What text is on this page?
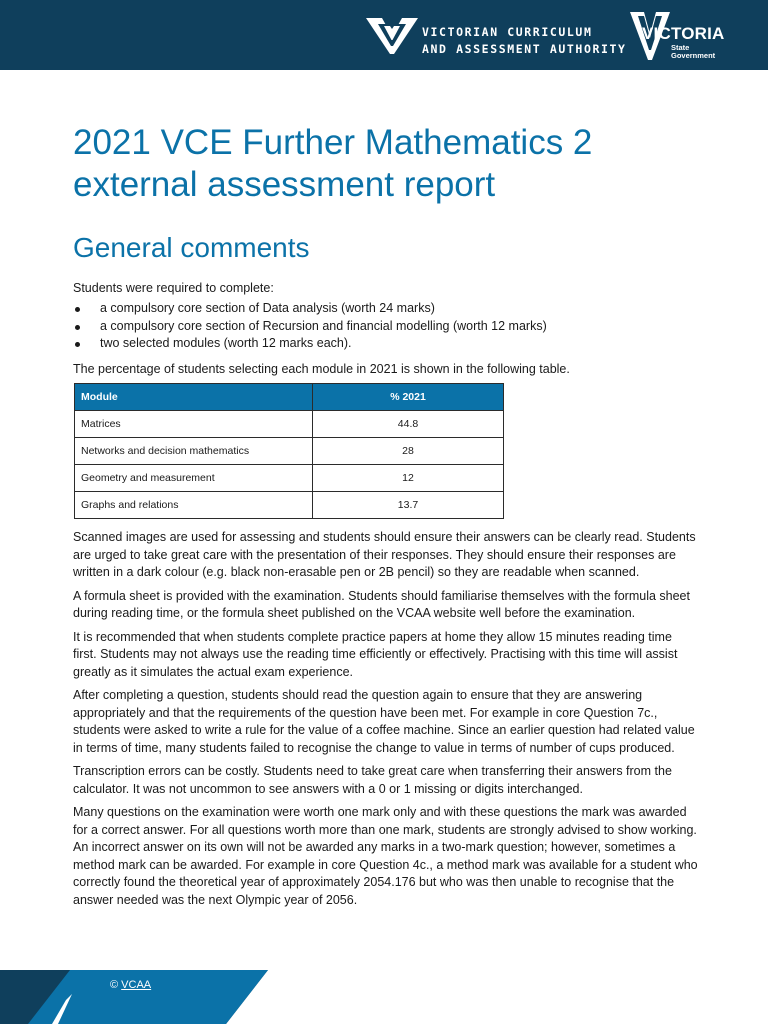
VICTORIAN CURRICULUM
AND ASSESSMENT AUTHORITY
VICTORIA
State
Government
2021 VCE Further Mathematics 2 external assessment report
General comments
Students were required to complete:
a compulsory core section of Data analysis (worth 24 marks)
a compulsory core section of Recursion and financial modelling (worth 12 marks)
two selected modules (worth 12 marks each).
The percentage of students selecting each module in 2021 is shown in the following table.
Module	% 2021
Matrices	44.8
Networks and decision mathematics	28
Geometry and measurement	12
Graphs and relations	13.7

Scanned images are used for assessing and students should ensure their answers can be clearly read. Students are urged to take great care with the presentation of their responses. They should ensure their responses are written in a dark colour (e.g. black non-erasable pen or 2B pencil) so they are readable when scanned.

A formula sheet is provided with the examination. Students should familiarise themselves with the formula sheet during reading time, or the formula sheet published on the VCAA website well before the examination.

It is recommended that when students complete practice papers at home they allow 15 minutes reading time first. Students may not always use the reading time efficiently or effectively. Practising with this time will assist greatly as it simulates the actual exam experience.

After completing a question, students should read the question again to ensure that they are answering appropriately and that the requirements of the question have been met. For example in core Question 7c., students were asked to write a rule for the value of a coffee machine. Since an earlier question had related value in terms of time, many students failed to recognise the change to value in terms of number of cups produced.

Transcription errors can be costly. Students need to take great care when transferring their answers from the calculator. It was not uncommon to see answers with a 0 or 1 missing or digits interchanged.

Many questions on the examination were worth one mark only and with these questions the mark was awarded for a correct answer. For all questions worth more than one mark, students are strongly advised to show working. An incorrect answer on its own will not be awarded any marks in a two-mark question; however, sometimes a method mark can be awarded. For example in core Question 4c., a method mark was available for a student who correctly found the theoretical year of approximately 2054.176 but who was then unable to recognise that the answer needed was the next Olympic year of 2056.

© VCAA
